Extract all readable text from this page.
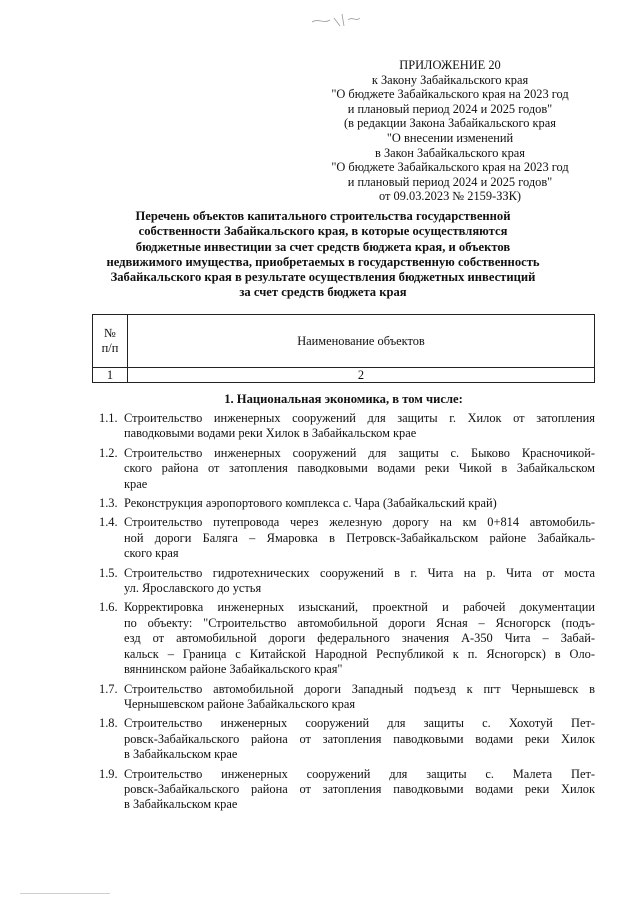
ПРИЛОЖЕНИЕ 20
к Закону Забайкальского края
"О бюджете Забайкальского края на 2023 год
и плановый период 2024 и 2025 годов"
(в редакции Закона Забайкальского края
"О внесении изменений
в Закон Забайкальского края
"О бюджете Забайкальского края на 2023 год
и плановый период 2024 и 2025 годов"
от 09.03.2023 № 2159-ЗЗК)
Перечень объектов капитального строительства государственной
собственности Забайкальского края, в которые осуществляются
бюджетные инвестиции за счет средств бюджета края, и объектов
недвижимого имущества, приобретаемых в государственную собственность
Забайкальского края в результате осуществления бюджетных инвестиций
за счет средств бюджета края
№
п/п	Наименование объектов
1	2
1. Национальная экономика, в том числе:
1.1. Строительство инженерных сооружений для защиты г. Хилок от затопления
паводковыми водами реки Хилок в Забайкальском крае
1.2. Строительство инженерных сооружений для защиты с. Быково Красночикой-
ского района от затопления паводковыми водами реки Чикой в Забайкальском
крае
1.3. Реконструкция аэропортового комплекса с. Чара (Забайкальский край)
1.4. Строительство путепровода через железную дорогу на км 0+814 автомобиль-
ной дороги Баляга – Ямаровка в Петровск-Забайкальском районе Забайкаль-
ского края
1.5. Строительство гидротехнических сооружений в г. Чита на р. Чита от моста
ул. Ярославского до устья
1.6. Корректировка инженерных изысканий, проектной и рабочей документации
по объекту: "Строительство автомобильной дороги Ясная – Ясногорск (подъ-
езд от автомобильной дороги федерального значения А-350 Чита – Забай-
кальск – Граница с Китайской Народной Республикой к п. Ясногорск) в Оло-
вяннинском районе Забайкальского края"
1.7. Строительство автомобильной дороги Западный подъезд к пгт Чернышевск в
Чернышевском районе Забайкальского края
1.8. Строительство инженерных сооружений для защиты с. Хохотуй Пет-
ровск-Забайкальского района от затопления паводковыми водами реки Хилок
в Забайкальском крае
1.9. Строительство инженерных сооружений для защиты с. Малета Пет-
ровск-Забайкальского района от затопления паводковыми водами реки Хилок
в Забайкальском крае
